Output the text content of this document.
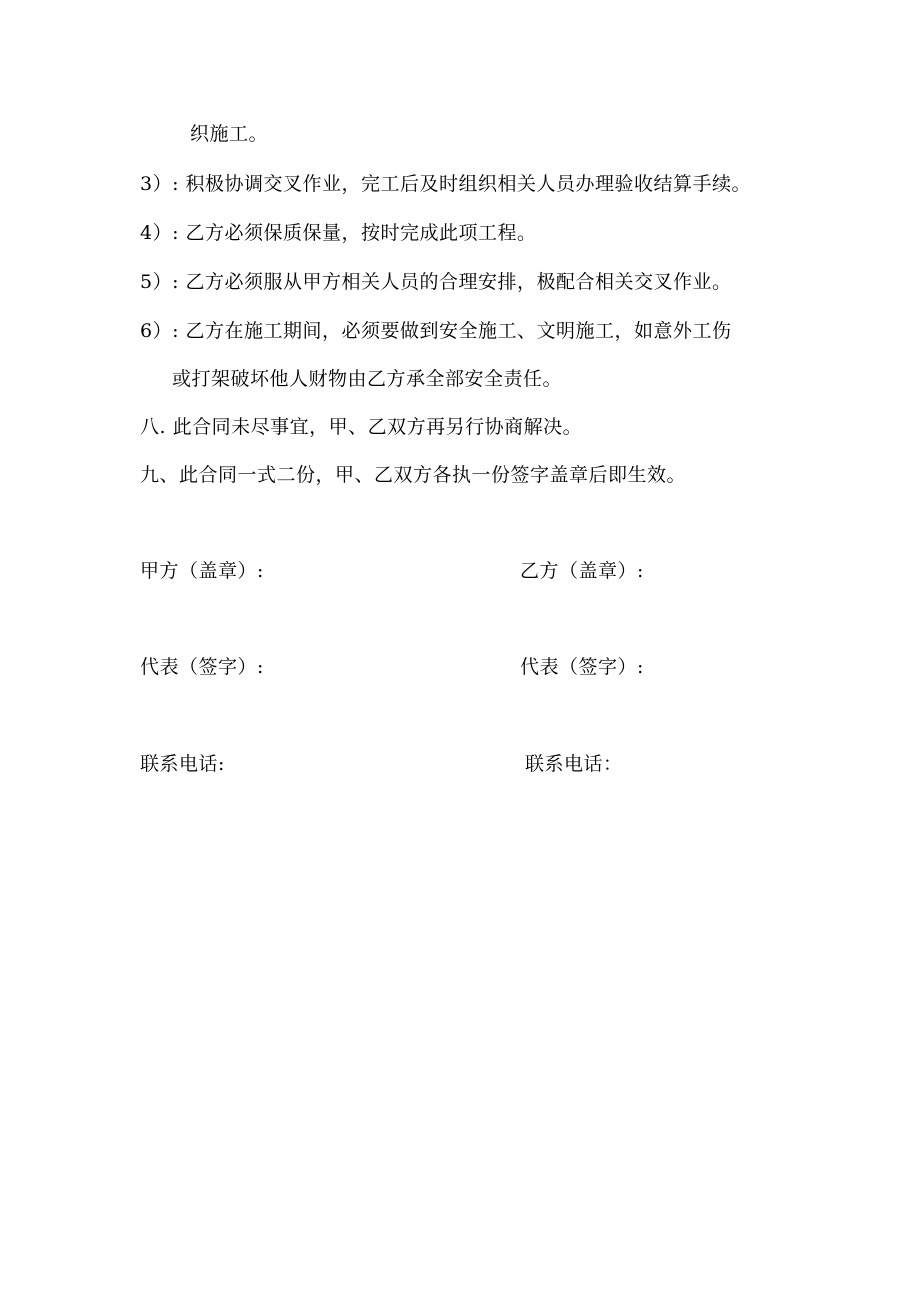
织施工。
3）: 积极协调交叉作业，完工后及时组织相关人员办理验收结算手续。
4）: 乙方必须保质保量，按时完成此项工程。
5）: 乙方必须服从甲方相关人员的合理安排，极配合相关交叉作业。
6）: 乙方在施工期间，必须要做到安全施工、文明施工，如意外工伤
或打架破坏他人财物由乙方承全部安全责任。
八. 此合同未尽事宜，甲、乙双方再另行协商解决。
九、此合同一式二份，甲、乙双方各执一份签字盖章后即生效。
甲方（盖章）:	乙方（盖章）:
代表（签字）:	代表（签字）:
联系电话:	联系电话：
